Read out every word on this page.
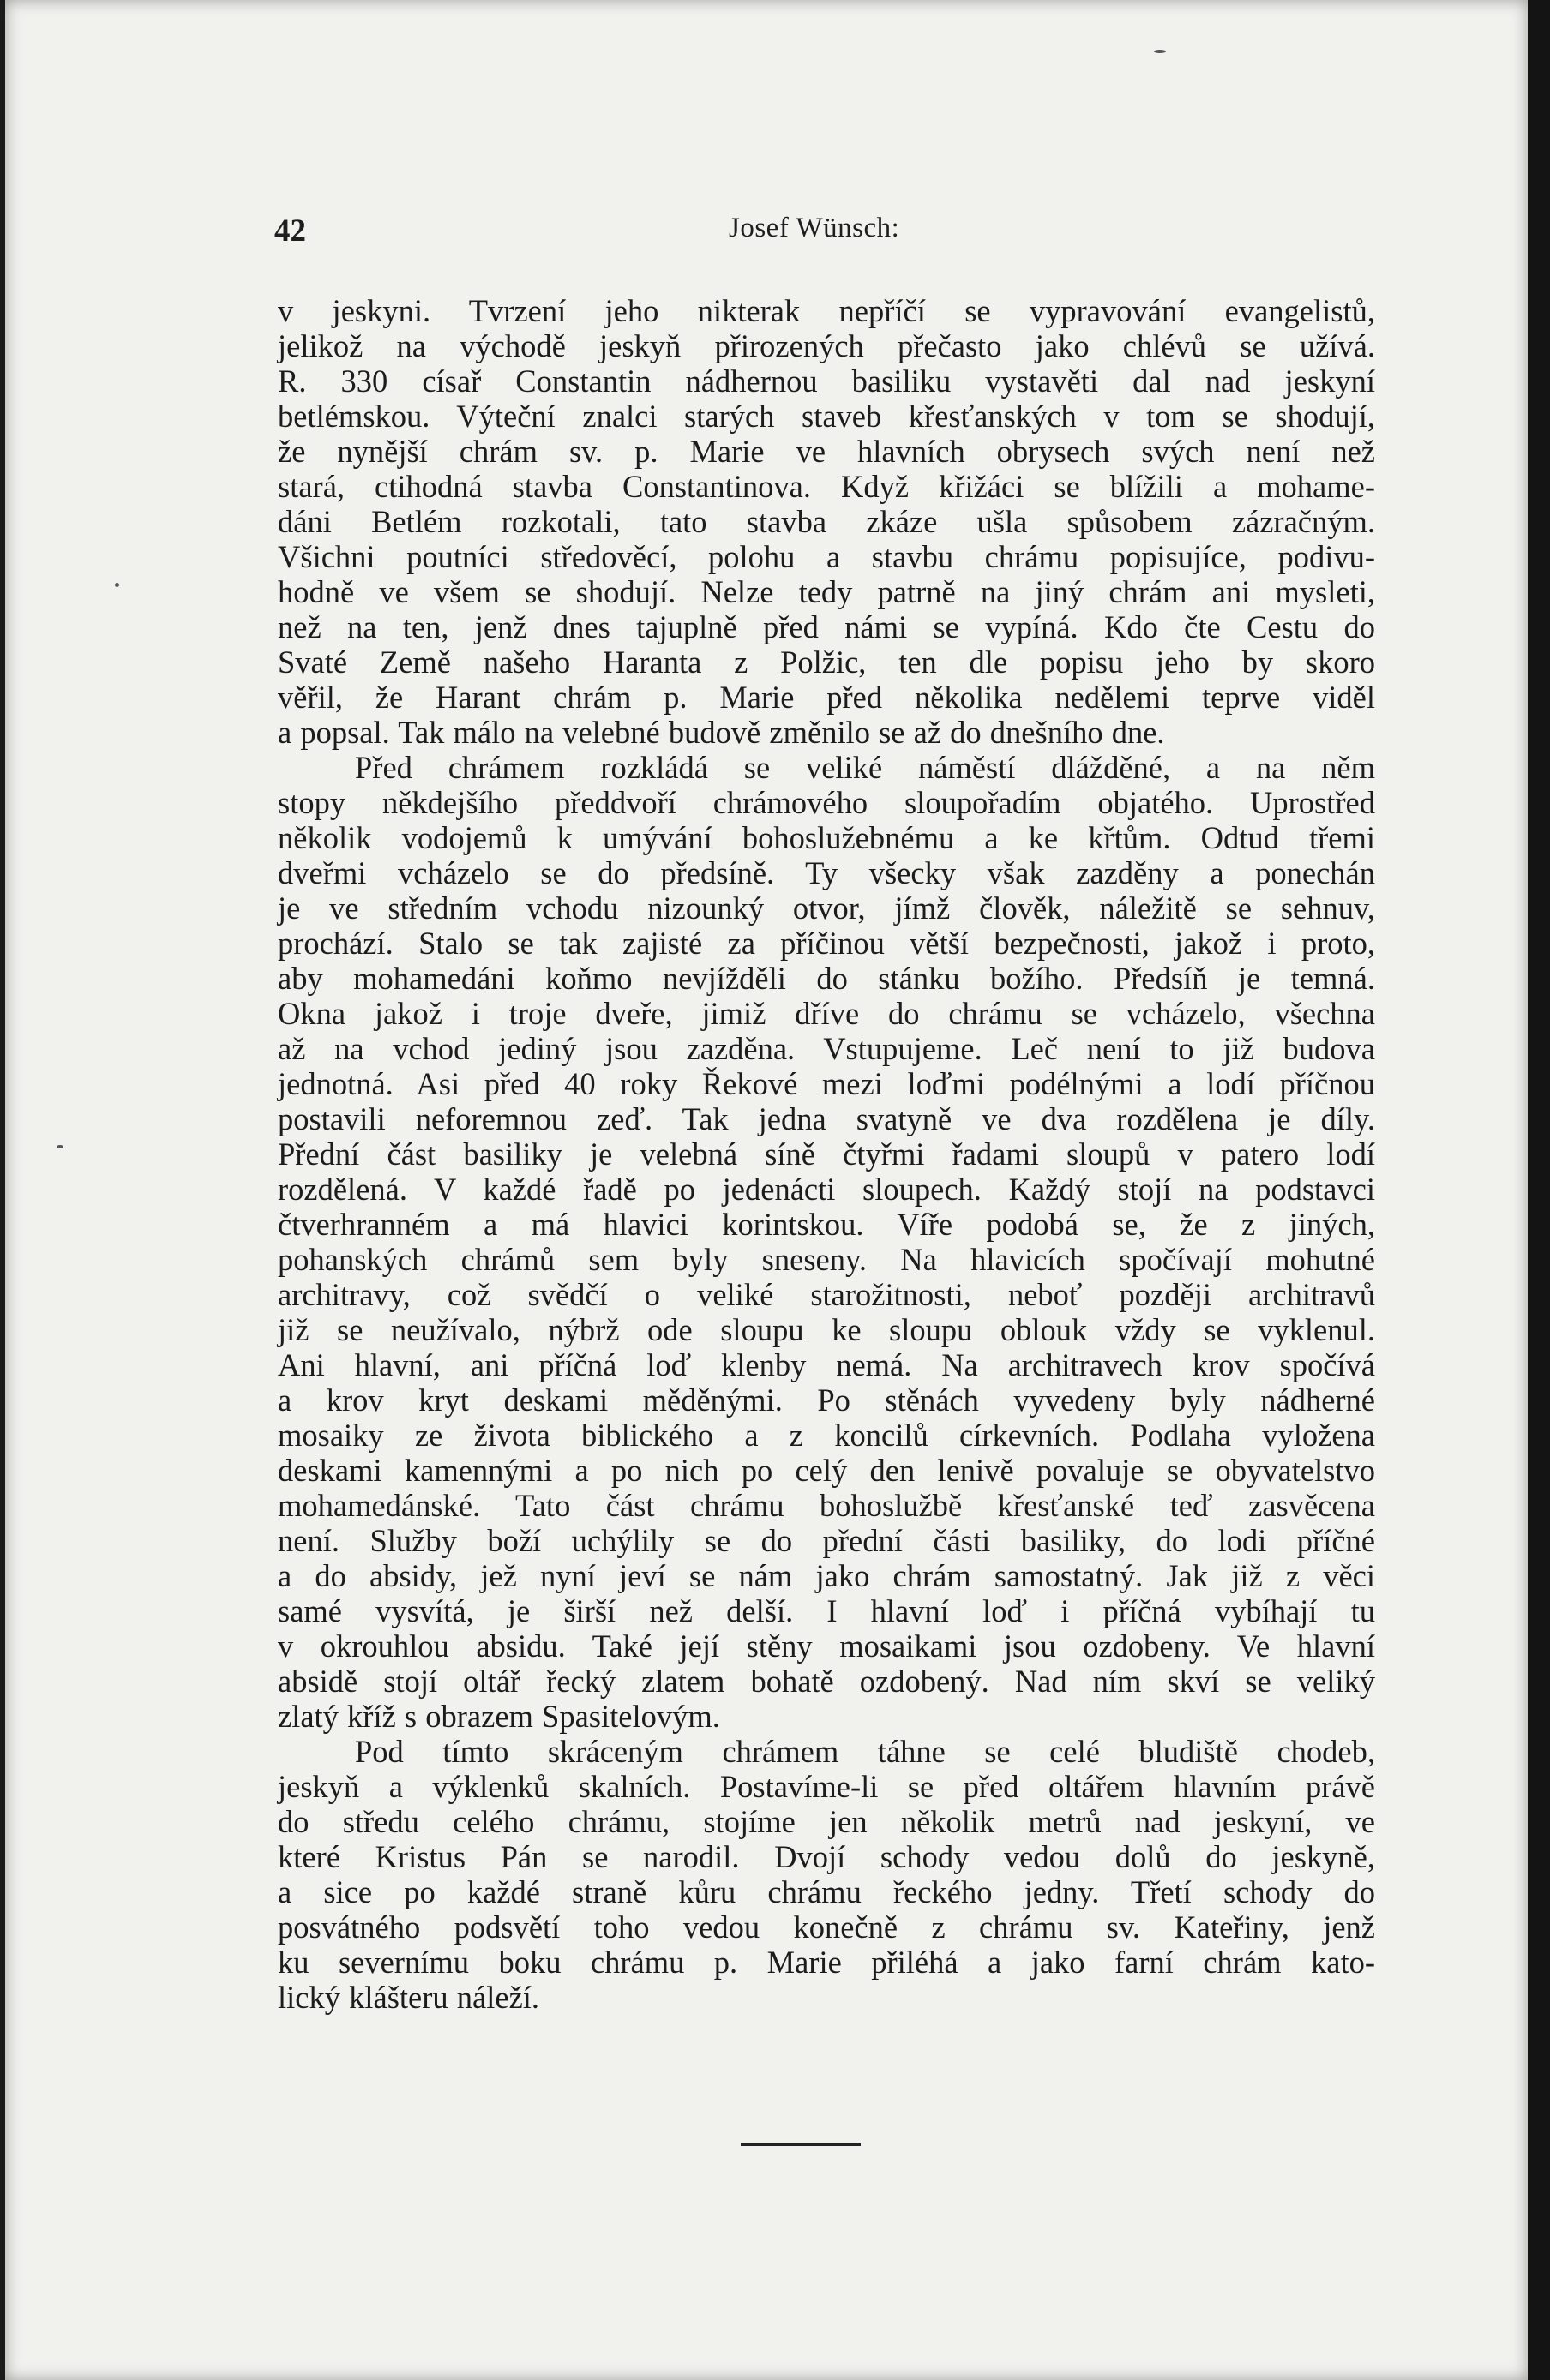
42	Josef Wünsch:
v jeskyni. Tvrzení jeho nikterak nepříčí se vypravování evangelistů,
jelikož na východě jeskyň přirozených přečasto jako chlévů se užívá.
R. 330 císař Constantin nádhernou basiliku vystavěti dal nad jeskyní
betlémskou. Výteční znalci starých staveb křesťanských v tom se shodují,
že nynější chrám sv. p. Marie ve hlavních obrysech svých není než
stará, ctihodná stavba Constantinova. Když křižáci se blížili a mohame-
dáni Betlém rozkotali, tato stavba zkáze ušla spůsobem zázračným.
Všichni poutníci středověcí, polohu a stavbu chrámu popisujíce, podivu-
hodně ve všem se shodují. Nelze tedy patrně na jiný chrám ani mysleti,
než na ten, jenž dnes tajuplně před námi se vypíná. Kdo čte Cestu do
Svaté Země našeho Haranta z Polžic, ten dle popisu jeho by skoro
věřil, že Harant chrám p. Marie před několika nedělemi teprve viděl
a popsal. Tak málo na velebné budově změnilo se až do dnešního dne.
Před chrámem rozkládá se veliké náměstí dlážděné, a na něm
stopy někdejšího předdvoří chrámového sloupořadím objatého. Uprostřed
několik vodojemů k umývání bohoslužebnému a ke křtům. Odtud třemi
dveřmi vcházelo se do předsíně. Ty všecky však zazděny a ponechán
je ve středním vchodu nizounký otvor, jímž člověk, náležitě se sehnuv,
prochází. Stalo se tak zajisté za příčinou větší bezpečnosti, jakož i proto,
aby mohamedáni koňmo nevjížděli do stánku božího. Předsíň je temná.
Okna jakož i troje dveře, jimiž dříve do chrámu se vcházelo, všechna
až na vchod jediný jsou zazděna. Vstupujeme. Leč není to již budova
jednotná. Asi před 40 roky Řekové mezi loďmi podélnými a lodí příčnou
postavili neforemnou zeď. Tak jedna svatyně ve dva rozdělena je díly.
Přední část basiliky je velebná síně čtyřmi řadami sloupů v patero lodí
rozdělená. V každé řadě po jedenácti sloupech. Každý stojí na podstavci
čtverhranném a má hlavici korintskou. Víře podobá se, že z jiných,
pohanských chrámů sem byly sneseny. Na hlavicích spočívají mohutné
architravy, což svědčí o veliké starožitnosti, neboť později architravů
již se neužívalo, nýbrž ode sloupu ke sloupu oblouk vždy se vyklenul.
Ani hlavní, ani příčná loď klenby nemá. Na architravech krov spočívá
a krov kryt deskami měděnými. Po stěnách vyvedeny byly nádherné
mosaiky ze života biblického a z koncilů církevních. Podlaha vyložena
deskami kamennými a po nich po celý den lenivě povaluje se obyvatelstvo
mohamedánské. Tato část chrámu bohoslužbě křesťanské teď zasvěcena
není. Služby boží uchýlily se do přední části basiliky, do lodi příčné
a do absidy, jež nyní jeví se nám jako chrám samostatný. Jak již z věci
samé vysvítá, je širší než delší. I hlavní loď i příčná vybíhají tu
v okrouhlou absidu. Také její stěny mosaikami jsou ozdobeny. Ve hlavní
absidě stojí oltář řecký zlatem bohatě ozdobený. Nad ním skví se veliký
zlatý kříž s obrazem Spasitelovým.
Pod tímto skráceným chrámem táhne se celé bludiště chodeb,
jeskyň a výklenků skalních. Postavíme-li se před oltářem hlavním právě
do středu celého chrámu, stojíme jen několik metrů nad jeskyní, ve
které Kristus Pán se narodil. Dvojí schody vedou dolů do jeskyně,
a sice po každé straně kůru chrámu řeckého jedny. Třetí schody do
posvátného podsvětí toho vedou konečně z chrámu sv. Kateřiny, jenž
ku severnímu boku chrámu p. Marie přiléhá a jako farní chrám kato-
lický klášteru náleží.
